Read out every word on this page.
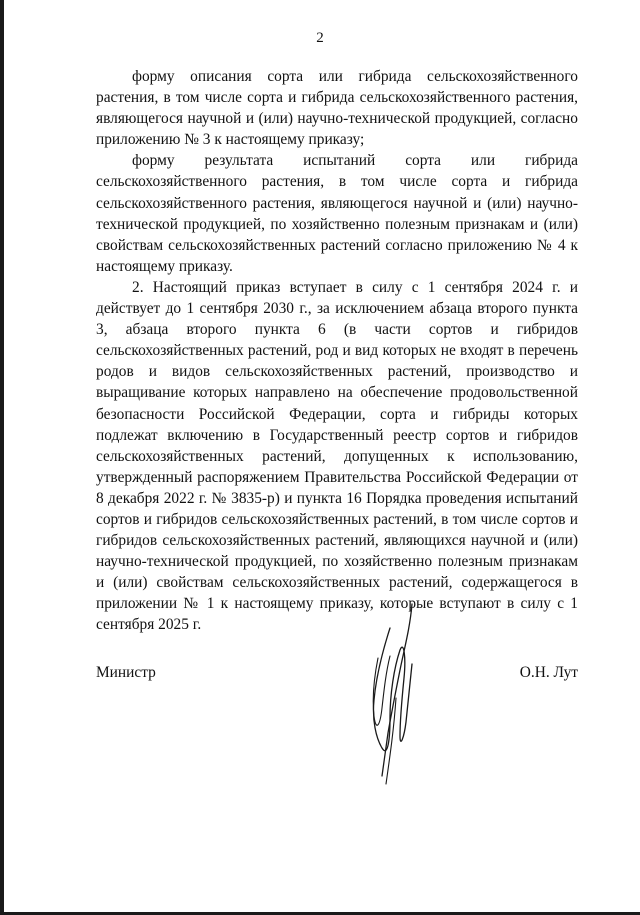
2

форму описания сорта или гибрида сельскохозяйственного растения, в том числе сорта и гибрида сельскохозяйственного растения, являющегося научной и (или) научно-технической продукцией, согласно приложению № 3 к настоящему приказу;

форму результата испытаний сорта или гибрида сельскохозяйственного растения, в том числе сорта и гибрида сельскохозяйственного растения, являющегося научной и (или) научно-технической продукцией, по хозяйственно полезным признакам и (или) свойствам сельскохозяйственных растений согласно приложению № 4 к настоящему приказу.

2. Настоящий приказ вступает в силу с 1 сентября 2024 г. и действует до 1 сентября 2030 г., за исключением абзаца второго пункта 3, абзаца второго пункта 6 (в части сортов и гибридов сельскохозяйственных растений, род и вид которых не входят в перечень родов и видов сельскохозяйственных растений, производство и выращивание которых направлено на обеспечение продовольственной безопасности Российской Федерации, сорта и гибриды которых подлежат включению в Государственный реестр сортов и гибридов сельскохозяйственных растений, допущенных к использованию, утвержденный распоряжением Правительства Российской Федерации от 8 декабря 2022 г. № 3835-р) и пункта 16 Порядка проведения испытаний сортов и гибридов сельскохозяйственных растений, в том числе сортов и гибридов сельскохозяйственных растений, являющихся научной и (или) научно-технической продукцией, по хозяйственно полезным признакам и (или) свойствам сельскохозяйственных растений, содержащегося в приложении № 1 к настоящему приказу, которые вступают в силу с 1 сентября 2025 г.

Министр	О.Н. Лут
